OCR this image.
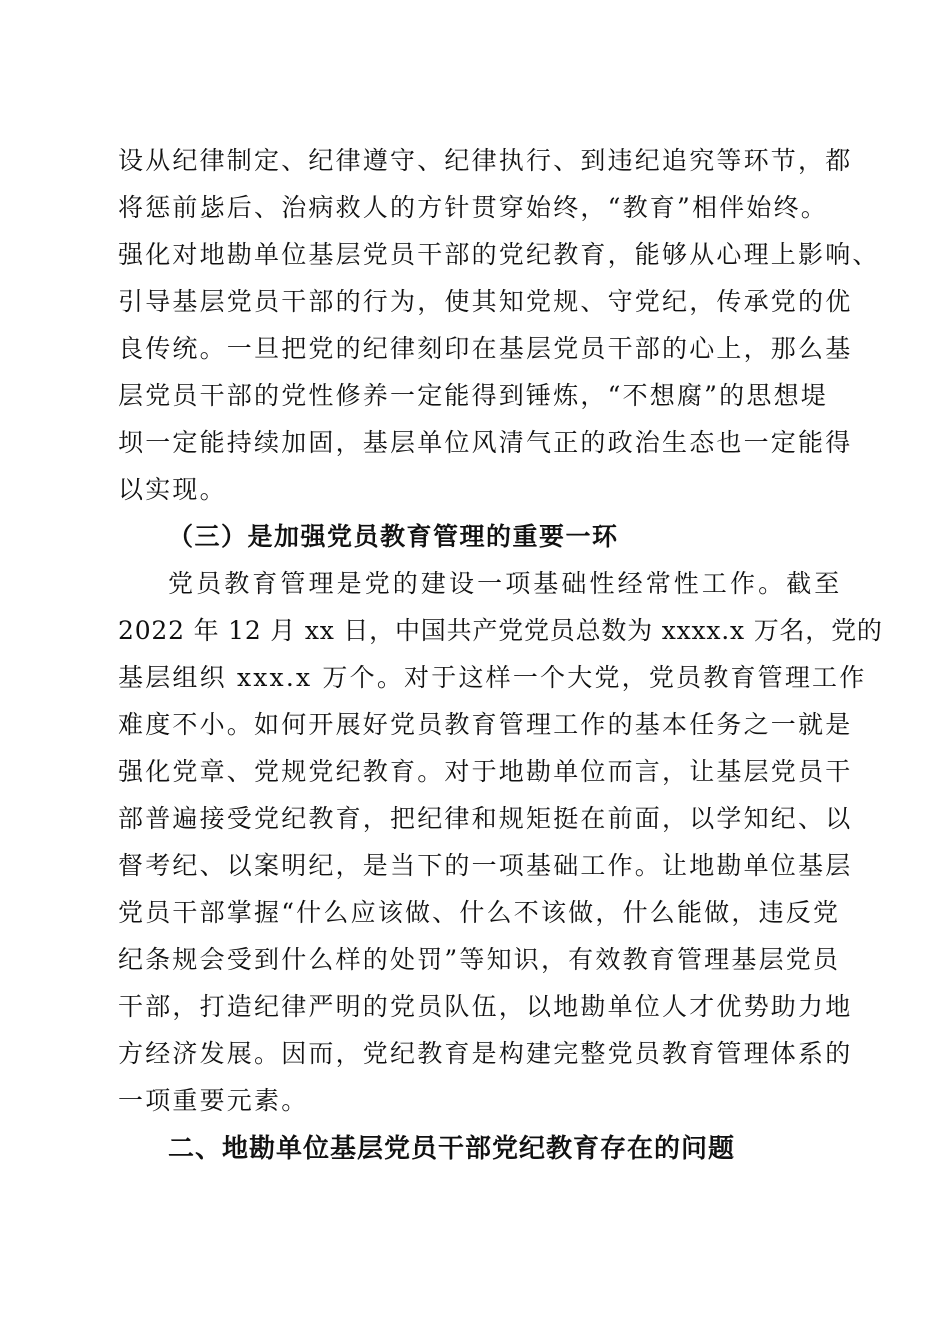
设从纪律制定、纪律遵守、纪律执行、到违纪追究等环节，都
将惩前毖后、治病救人的方针贯穿始终，“教育”相伴始终。
强化对地勘单位基层党员干部的党纪教育，能够从心理上影响、
引导基层党员干部的行为，使其知党规、守党纪，传承党的优
良传统。一旦把党的纪律刻印在基层党员干部的心上，那么基
层党员干部的党性修养一定能得到锤炼，“不想腐”的思想堤
坝一定能持续加固，基层单位风清气正的政治生态也一定能得
以实现。
（三）是加强党员教育管理的重要一环
党员教育管理是党的建设一项基础性经常性工作。截至
2022 年 12 月 xx 日，中国共产党党员总数为 xxxx.x 万名，党的
基层组织 xxx.x 万个。对于这样一个大党，党员教育管理工作
难度不小。如何开展好党员教育管理工作的基本任务之一就是
强化党章、党规党纪教育。对于地勘单位而言，让基层党员干
部普遍接受党纪教育，把纪律和规矩挺在前面，以学知纪、以
督考纪、以案明纪，是当下的一项基础工作。让地勘单位基层
党员干部掌握“什么应该做、什么不该做，什么能做，违反党
纪条规会受到什么样的处罚”等知识，有效教育管理基层党员
干部，打造纪律严明的党员队伍，以地勘单位人才优势助力地
方经济发展。因而，党纪教育是构建完整党员教育管理体系的
一项重要元素。
二、地勘单位基层党员干部党纪教育存在的问题
